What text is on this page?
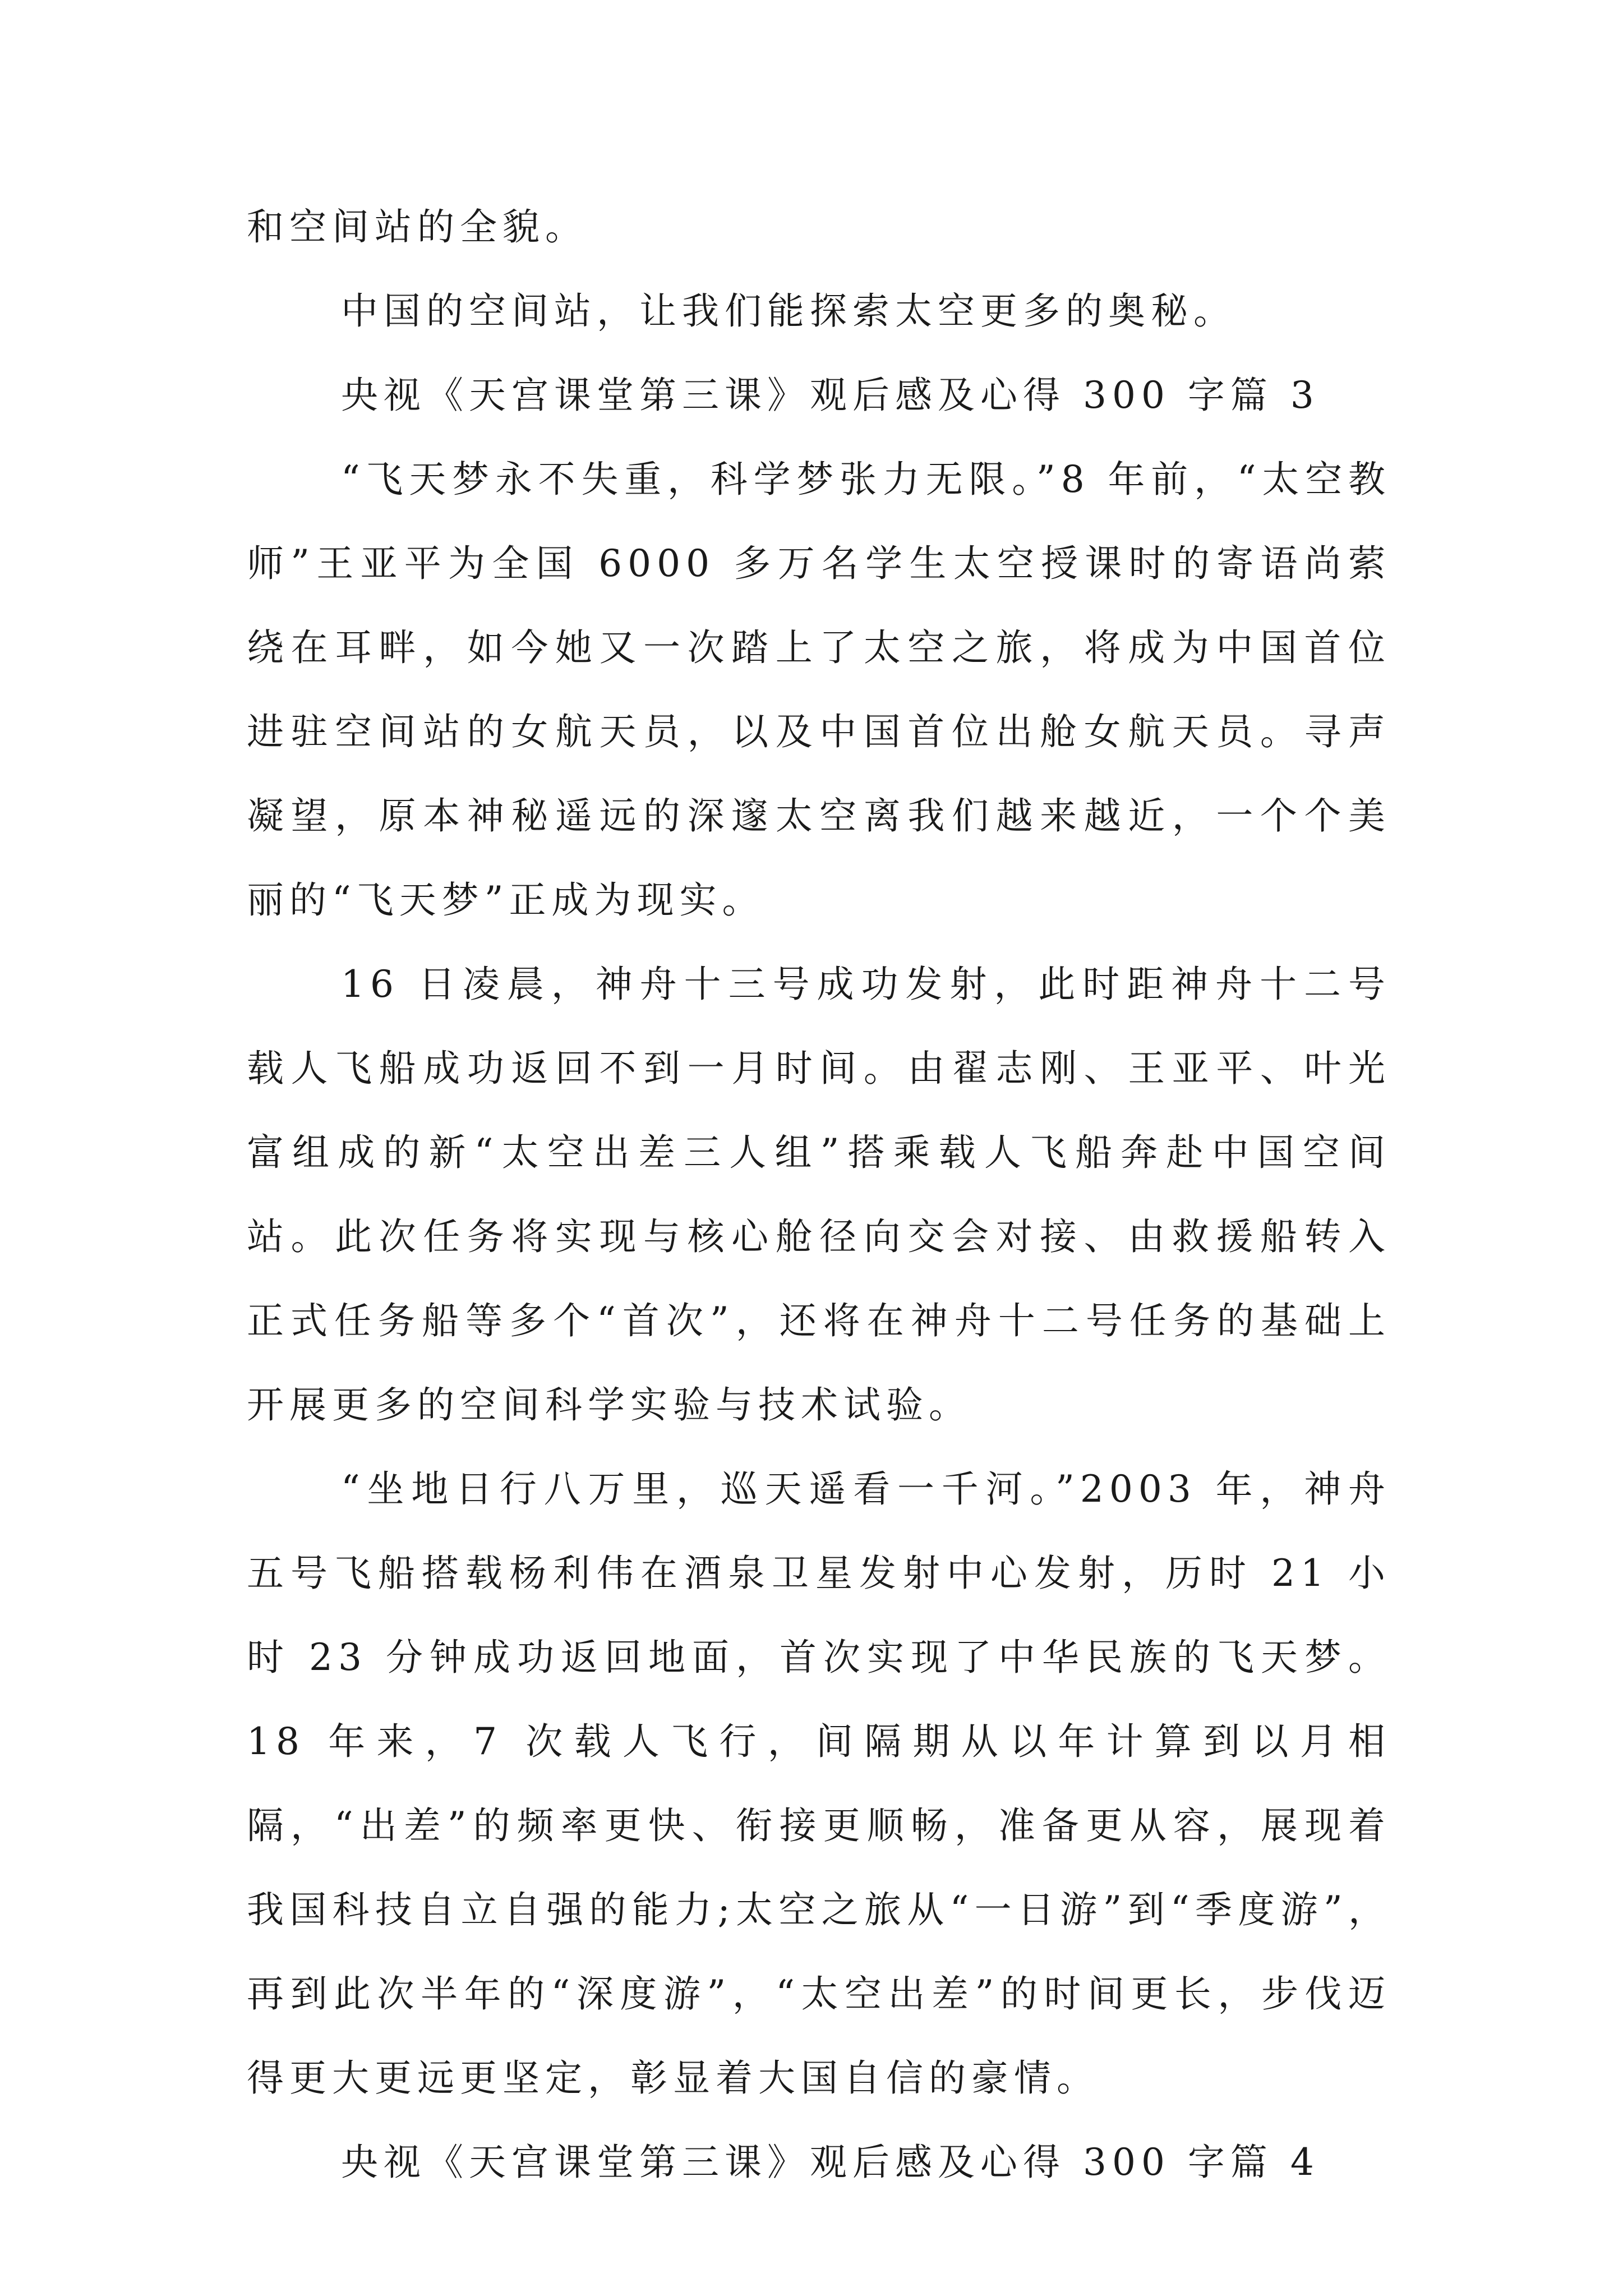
和空间站的全貌。

中国的空间站，让我们能探索太空更多的奥秘。

央视《天宫课堂第三课》观后感及心得 300 字篇 3

“飞天梦永不失重，科学梦张力无限。”8 年前，“太空教师”王亚平为全国 6000 多万名学生太空授课时的寄语尚萦绕在耳畔，如今她又一次踏上了太空之旅，将成为中国首位进驻空间站的女航天员，以及中国首位出舱女航天员。寻声凝望，原本神秘遥远的深邃太空离我们越来越近，一个个美丽的“飞天梦”正成为现实。

16 日凌晨，神舟十三号成功发射，此时距神舟十二号载人飞船成功返回不到一月时间。由翟志刚、王亚平、叶光富组成的新“太空出差三人组”搭乘载人飞船奔赴中国空间站。此次任务将实现与核心舱径向交会对接、由救援船转入正式任务船等多个“首次”，还将在神舟十二号任务的基础上开展更多的空间科学实验与技术试验。

“坐地日行八万里，巡天遥看一千河。”2003 年，神舟五号飞船搭载杨利伟在酒泉卫星发射中心发射，历时 21 小时 23 分钟成功返回地面，首次实现了中华民族的飞天梦。18 年来，7 次载人飞行，间隔期从以年计算到以月相隔，“出差”的频率更快、衔接更顺畅，准备更从容，展现着我国科技自立自强的能力;太空之旅从“一日游”到“季度游”，再到此次半年的“深度游”，“太空出差”的时间更长，步伐迈得更大更远更坚定，彰显着大国自信的豪情。

央视《天宫课堂第三课》观后感及心得 300 字篇 4
